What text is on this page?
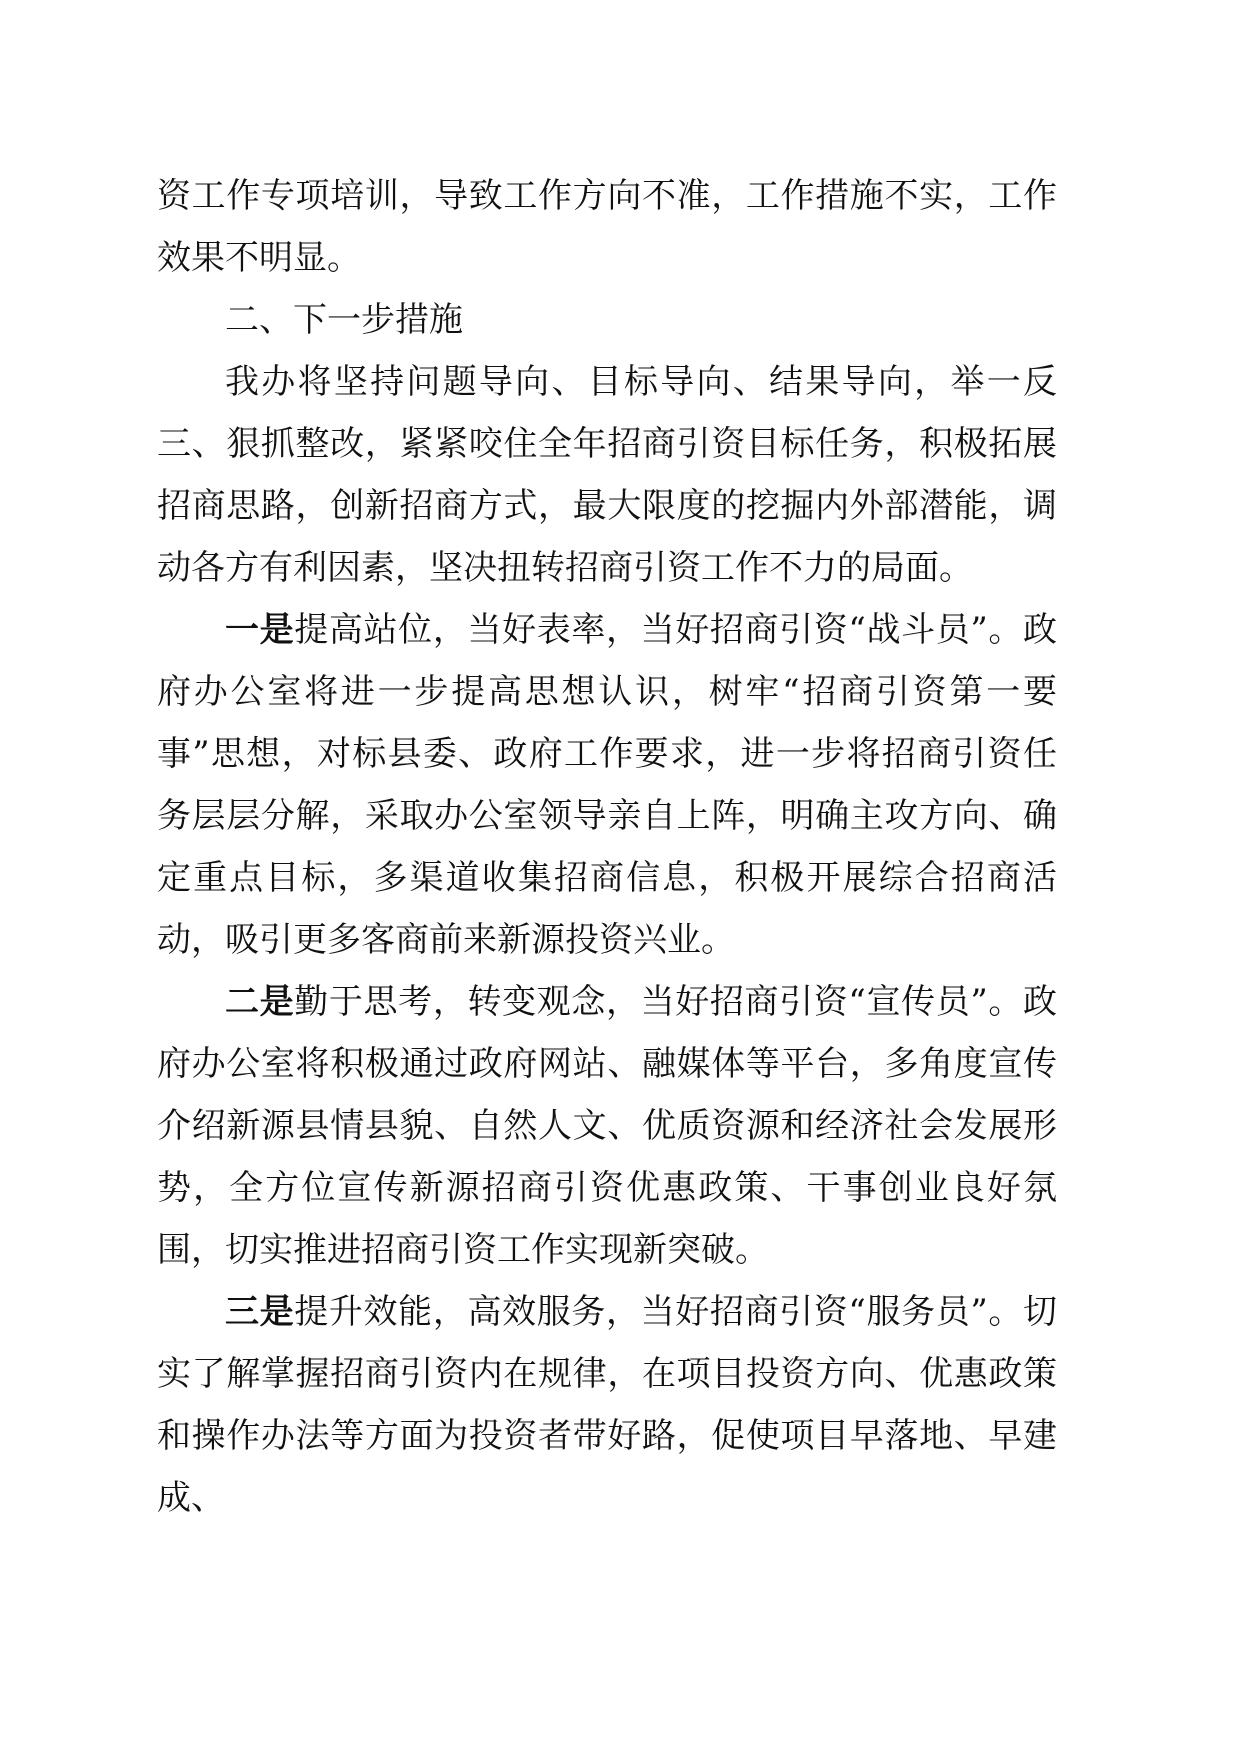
资工作专项培训，导致工作方向不准，工作措施不实，工作效果不明显。

二、下一步措施

我办将坚持问题导向、目标导向、结果导向，举一反三、狠抓整改，紧紧咬住全年招商引资目标任务，积极拓展招商思路，创新招商方式，最大限度的挖掘内外部潜能，调动各方有利因素，坚决扭转招商引资工作不力的局面。

一是提高站位，当好表率，当好招商引资“战斗员”。政府办公室将进一步提高思想认识，树牢“招商引资第一要事”思想，对标县委、政府工作要求，进一步将招商引资任务层层分解，采取办公室领导亲自上阵，明确主攻方向、确定重点目标，多渠道收集招商信息，积极开展综合招商活动，吸引更多客商前来新源投资兴业。

二是勤于思考，转变观念，当好招商引资“宣传员”。政府办公室将积极通过政府网站、融媒体等平台，多角度宣传介绍新源县情县貌、自然人文、优质资源和经济社会发展形势，全方位宣传新源招商引资优惠政策、干事创业良好氛围，切实推进招商引资工作实现新突破。

三是提升效能，高效服务，当好招商引资“服务员”。切实了解掌握招商引资内在规律，在项目投资方向、优惠政策和操作办法等方面为投资者带好路，促使项目早落地、早建成、
